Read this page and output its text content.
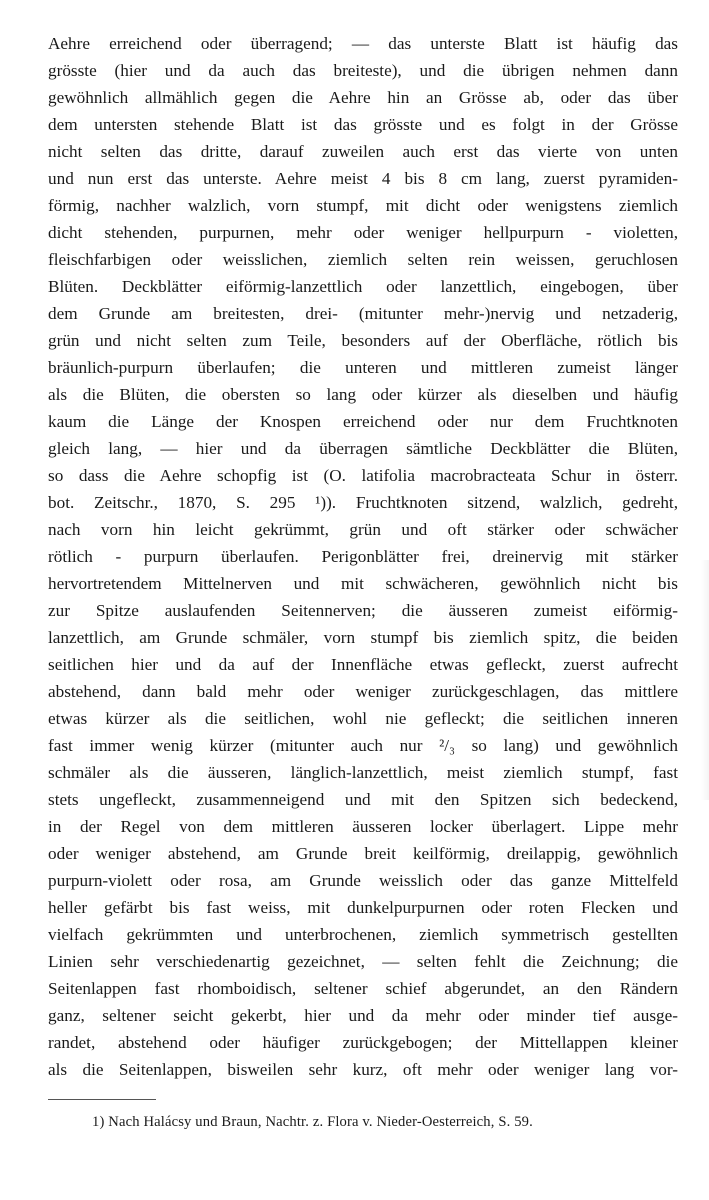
Aehre erreichend oder überragend; — das unterste Blatt ist häufig das
grösste (hier und da auch das breiteste), und die übrigen nehmen dann
gewöhnlich allmählich gegen die Aehre hin an Grösse ab, oder das über
dem untersten stehende Blatt ist das grösste und es folgt in der Grösse
nicht selten das dritte, darauf zuweilen auch erst das vierte von unten
und nun erst das unterste. Aehre meist 4 bis 8 cm lang, zuerst pyramiden-
förmig, nachher walzlich, vorn stumpf, mit dicht oder wenigstens ziemlich
dicht stehenden, purpurnen, mehr oder weniger hellpurpurn - violetten,
fleischfarbigen oder weisslichen, ziemlich selten rein weissen, geruchlosen
Blüten. Deckblätter eiförmig-lanzettlich oder lanzettlich, eingebogen, über
dem Grunde am breitesten, drei- (mitunter mehr-)nervig und netzaderig,
grün und nicht selten zum Teile, besonders auf der Oberfläche, rötlich bis
bräunlich-purpurn überlaufen; die unteren und mittleren zumeist länger
als die Blüten, die obersten so lang oder kürzer als dieselben und häufig
kaum die Länge der Knospen erreichend oder nur dem Fruchtknoten
gleich lang, — hier und da überragen sämtliche Deckblätter die Blüten,
so dass die Aehre schopfig ist (O. latifolia macrobracteata Schur in österr.
bot. Zeitschr., 1870, S. 295 ¹)). Fruchtknoten sitzend, walzlich, gedreht,
nach vorn hin leicht gekrümmt, grün und oft stärker oder schwächer
rötlich - purpurn überlaufen. Perigonblätter frei, dreinervig mit stärker
hervortretendem Mittelnerven und mit schwächeren, gewöhnlich nicht bis
zur Spitze auslaufenden Seitennerven; die äusseren zumeist eiförmig-
lanzettlich, am Grunde schmäler, vorn stumpf bis ziemlich spitz, die beiden
seitlichen hier und da auf der Innenfläche etwas gefleckt, zuerst aufrecht
abstehend, dann bald mehr oder weniger zurückgeschlagen, das mittlere
etwas kürzer als die seitlichen, wohl nie gefleckt; die seitlichen inneren
fast immer wenig kürzer (mitunter auch nur ²/₃ so lang) und gewöhnlich
schmäler als die äusseren, länglich-lanzettlich, meist ziemlich stumpf, fast
stets ungefleckt, zusammenneigend und mit den Spitzen sich bedeckend,
in der Regel von dem mittleren äusseren locker überlagert. Lippe mehr
oder weniger abstehend, am Grunde breit keilförmig, dreilappig, gewöhnlich
purpurn-violett oder rosa, am Grunde weisslich oder das ganze Mittelfeld
heller gefärbt bis fast weiss, mit dunkelpurpurnen oder roten Flecken und
vielfach gekrümmten und unterbrochenen, ziemlich symmetrisch gestellten
Linien sehr verschiedenartig gezeichnet, — selten fehlt die Zeichnung; die
Seitenlappen fast rhomboidisch, seltener schief abgerundet, an den Rändern
ganz, seltener seicht gekerbt, hier und da mehr oder minder tief ausge-
randet, abstehend oder häufiger zurückgebogen; der Mittellappen kleiner
als die Seitenlappen, bisweilen sehr kurz, oft mehr oder weniger lang vor-
1) Nach Halácsy und Braun, Nachtr. z. Flora v. Nieder-Oesterreich, S. 59.
